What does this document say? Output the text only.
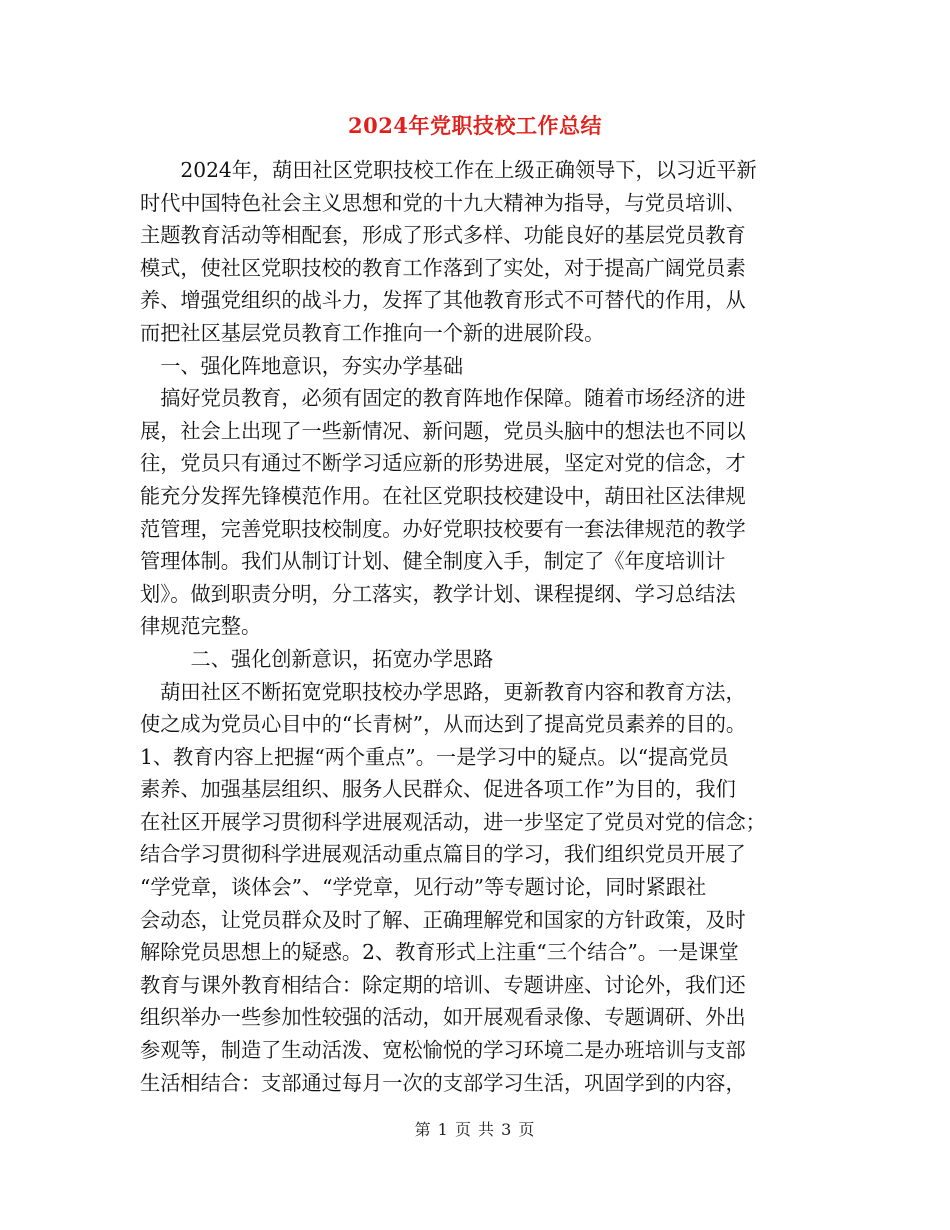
2024年党职技校工作总结
2024年，葫田社区党职技校工作在上级正确领导下，以习近平新
时代中国特色社会主义思想和党的十九大精神为指导，与党员培训、
主题教育活动等相配套，形成了形式多样、功能良好的基层党员教育
模式，使社区党职技校的教育工作落到了实处，对于提高广阔党员素
养、增强党组织的战斗力，发挥了其他教育形式不可替代的作用，从
而把社区基层党员教育工作推向一个新的进展阶段。
一、强化阵地意识，夯实办学基础
搞好党员教育，必须有固定的教育阵地作保障。随着市场经济的进
展，社会上出现了一些新情况、新问题，党员头脑中的想法也不同以
往，党员只有通过不断学习适应新的形势进展，坚定对党的信念，才
能充分发挥先锋模范作用。在社区党职技校建设中，葫田社区法律规
范管理，完善党职技校制度。办好党职技校要有一套法律规范的教学
管理体制。我们从制订计划、健全制度入手，制定了《年度培训计
划》。做到职责分明，分工落实，教学计划、课程提纲、学习总结法
律规范完整。
二、强化创新意识，拓宽办学思路
葫田社区不断拓宽党职技校办学思路，更新教育内容和教育方法，
使之成为党员心目中的“长青树”，从而达到了提高党员素养的目的。
1、教育内容上把握“两个重点”。一是学习中的疑点。以“提高党员
素养、加强基层组织、服务人民群众、促进各项工作”为目的，我们
在社区开展学习贯彻科学进展观活动，进一步坚定了党员对党的信念；
结合学习贯彻科学进展观活动重点篇目的学习，我们组织党员开展了
“学党章，谈体会”、“学党章，见行动”等专题讨论，同时紧跟社
会动态，让党员群众及时了解、正确理解党和国家的方针政策，及时
解除党员思想上的疑惑。2、教育形式上注重“三个结合”。一是课堂
教育与课外教育相结合：除定期的培训、专题讲座、讨论外，我们还
组织举办一些参加性较强的活动，如开展观看录像、专题调研、外出
参观等，制造了生动活泼、宽松愉悦的学习环境二是办班培训与支部
生活相结合：支部通过每月一次的支部学习生活，巩固学到的内容，
第 1 页 共 3 页
